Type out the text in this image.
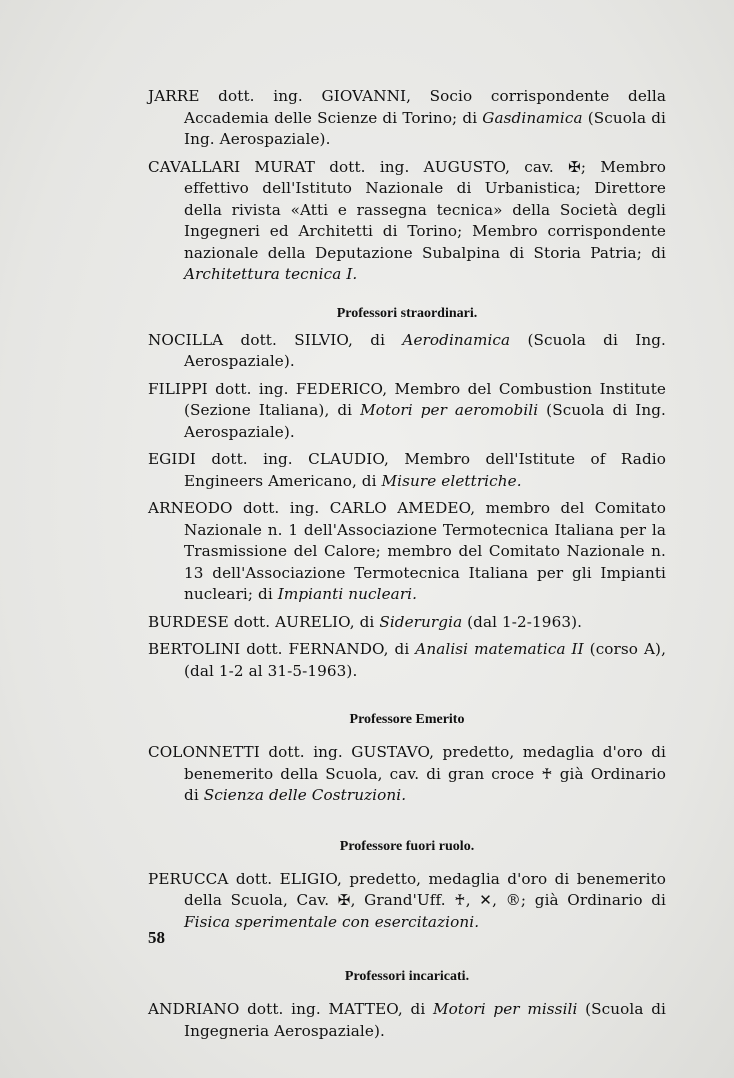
JARRE dott. ing. GIOVANNI, Socio corrispondente della Accademia delle Scienze di Torino; di Gasdinamica (Scuola di Ing. Aerospaziale).

CAVALLARI MURAT dott. ing. AUGUSTO, cav. ✠; Membro effettivo dell'Istituto Nazionale di Urbanistica; Direttore della rivista «Atti e rassegna tecnica» della Società degli Ingegneri ed Architetti di Torino; Membro corrispondente nazionale della Deputazione Subalpina di Storia Patria; di Architettura tecnica I.

Professori straordinari.

NOCILLA dott. SILVIO, di Aerodinamica (Scuola di Ing. Aerospaziale).

FILIPPI dott. ing. FEDERICO, Membro del Combustion Institute (Sezione Italiana), di Motori per aeromobili (Scuola di Ing. Aerospaziale).

EGIDI dott. ing. CLAUDIO, Membro dell'Istitute of Radio Engineers Americano, di Misure elettriche.

ARNEODO dott. ing. CARLO AMEDEO, membro del Comitato Nazionale n. 1 dell'Associazione Termotecnica Italiana per la Trasmissione del Calore; membro del Comitato Nazionale n. 13 dell'Associazione Termotecnica Italiana per gli Impianti nucleari; di Impianti nucleari.

BURDESE dott. AURELIO, di Siderurgia (dal 1-2-1963).

BERTOLINI dott. FERNANDO, di Analisi matematica II (corso A), (dal 1-2 al 31-5-1963).

Professore Emerito

COLONNETTI dott. ing. GUSTAVO, predetto, medaglia d'oro di benemerito della Scuola, cav. di gran croce ♰ già Ordinario di Scienza delle Costruzioni.

Professore fuori ruolo.

PERUCCA dott. ELIGIO, predetto, medaglia d'oro di benemerito della Scuola, Cav. ✠, Grand'Uff. ♰, ✕, ®; già Ordinario di Fisica sperimentale con esercitazioni.

Professori incaricati.

ANDRIANO dott. ing. MATTEO, di Motori per missili (Scuola di Ingegneria Aerospaziale).

58
